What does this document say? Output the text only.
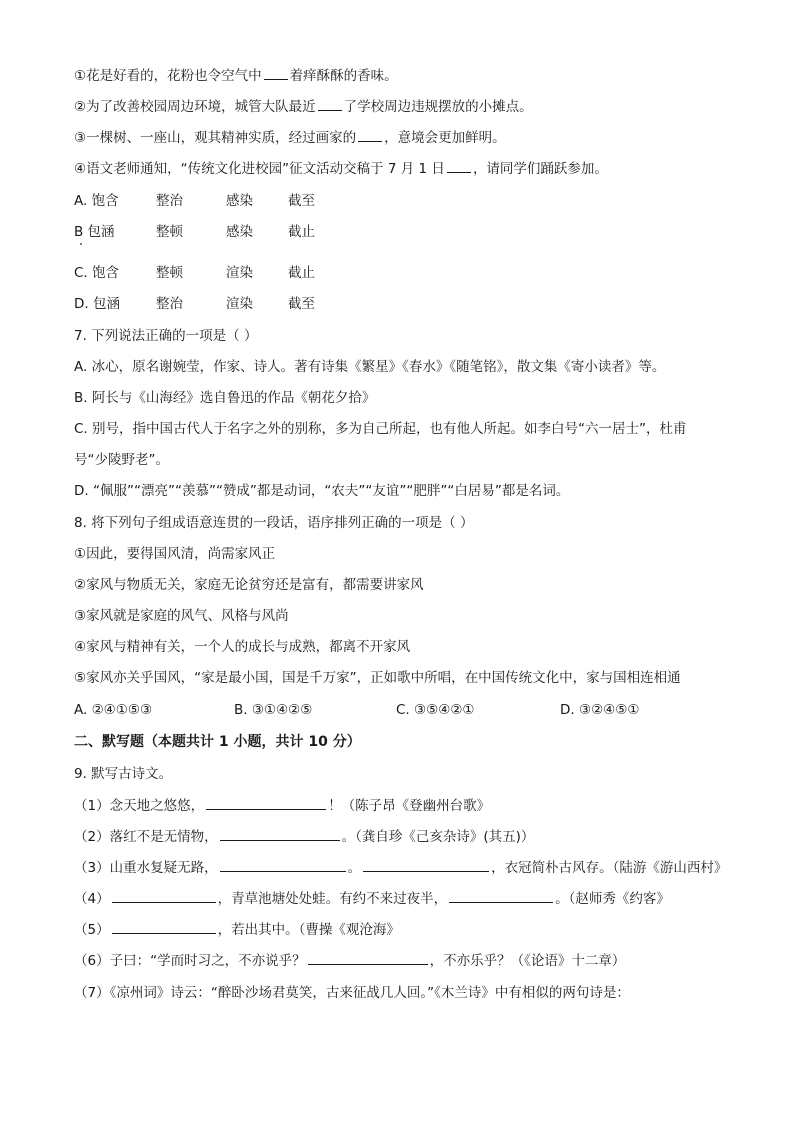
①花是好看的，花粉也令空气中 着痒酥酥的香味。
②为了改善校园周边环境，城管大队最近 了学校周边违规摆放的小摊点。
③一棵树、一座山，观其精神实质，经过画家的 ，意境会更加鲜明。
④语文老师通知，“传统文化进校园”征文活动交稿于 7 月 1 日 ，请同学们踊跃参加。
A. 饱含	整治	感染	截至
B 包涵	整顿	感染	截止
C. 饱含	整顿	渲染	截止
D. 包涵	整治	渲染	截至
7. 下列说法正确的一项是（ ）
A. 冰心，原名谢婉莹，作家、诗人。著有诗集《繁星》《春水》《随笔铭》，散文集《寄小读者》等。
B. 阿长与《山海经》选自鲁迅的作品《朝花夕拾》
C. 别号，指中国古代人于名字之外的别称，多为自己所起，也有他人所起。如李白号“六一居士”，杜甫
号“少陵野老”。
D. “佩服”“漂亮”“羡慕”“赞成”都是动词，“农夫”“友谊”“肥胖”“白居易”都是名词。
8. 将下列句子组成语意连贯的一段话，语序排列正确的一项是（ ）
①因此，要得国风清，尚需家风正
②家风与物质无关，家庭无论贫穷还是富有，都需要讲家风
③家风就是家庭的风气、风格与风尚
④家风与精神有关，一个人的成长与成熟，都离不开家风
⑤家风亦关乎国风，“家是最小国，国是千万家”，正如歌中所唱，在中国传统文化中，家与国相连相通
A. ②④①⑤③	B. ③①④②⑤	C. ③⑤④②①	D. ③②④⑤①
二、默写题（本题共计 1 小题，共计 10 分）
9. 默写古诗文。
（1）念天地之悠悠，	！（陈子昂《登幽州台歌》
（2）落红不是无情物，	。（龚自珍《己亥杂诗》(其五)）
（3）山重水复疑无路，	。	，衣冠简朴古风存。（陆游《游山西村》
（4）	，青草池塘处处蛙。有约不来过夜半，	。（赵师秀《约客》
（5）	，若出其中。（曹操《观沧海》
（6）子曰：“学而时习之，不亦说乎？	，不亦乐乎？（《论语》十二章）
（7）《凉州词》诗云：“醉卧沙场君莫笑，古来征战几人回。”《木兰诗》中有相似的两句诗是：
